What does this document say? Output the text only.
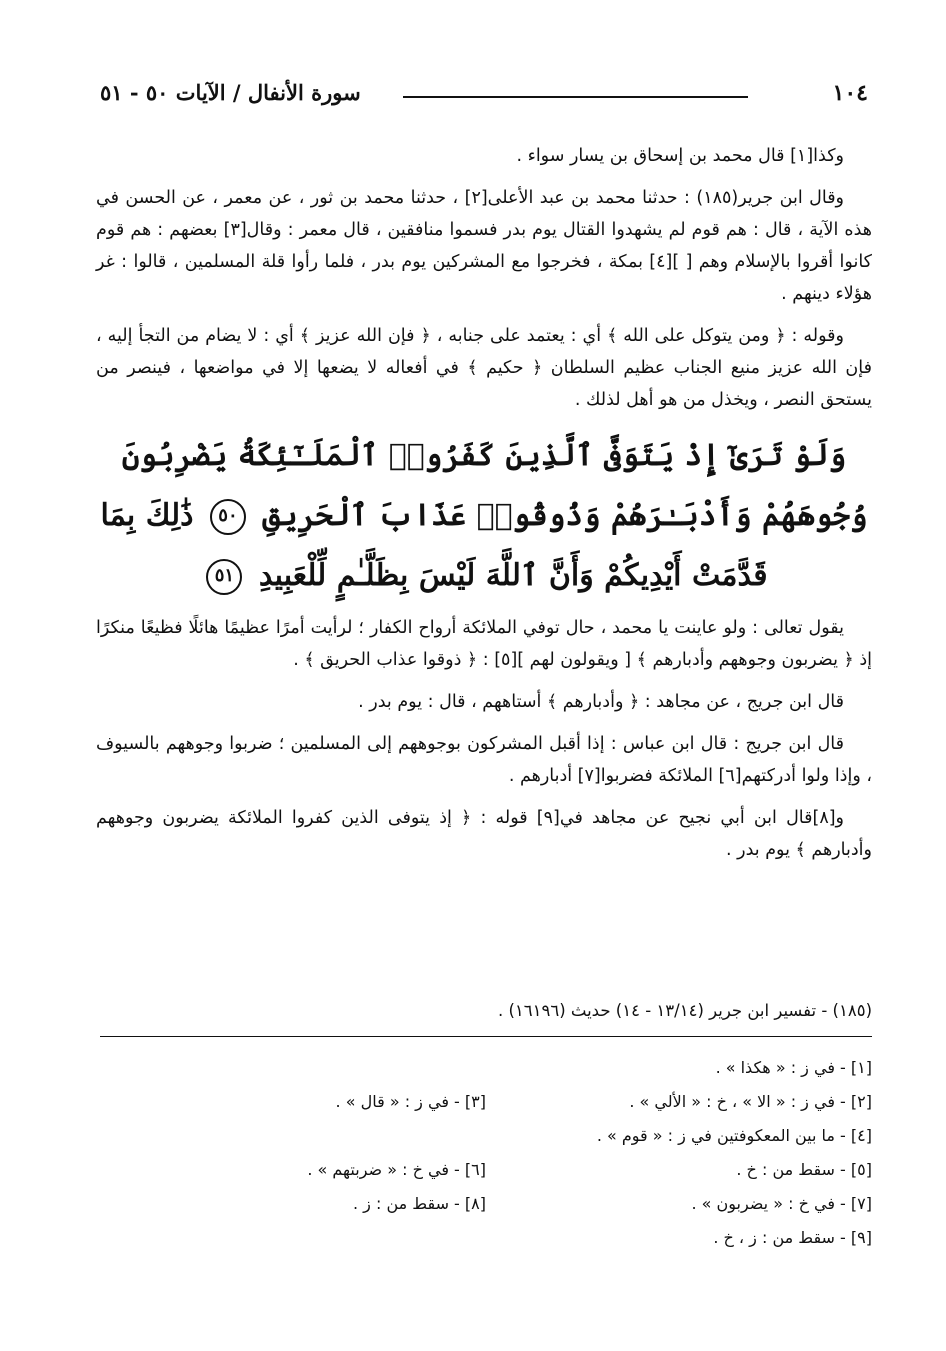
١٠٤
سورة الأنفال / الآيات ٥٠ - ٥١

وكذا[١] قال محمد بن إسحاق بن يسار سواء .

وقال ابن جرير(١٨٥) : حدثنا محمد بن عبد الأعلى[٢] ، حدثنا محمد بن ثور ، عن معمر ، عن الحسن في هذه الآية ، قال : هم قوم لم يشهدوا القتال يوم بدر فسموا منافقين ، قال معمر : وقال[٣] بعضهم : هم قوم كانوا أقروا بالإسلام وهم [ ][٤] بمكة ، فخرجوا مع المشركين يوم بدر ، فلما رأوا قلة المسلمين ، قالوا : غر هؤلاء دينهم .

وقوله : ﴿ ومن يتوكل على الله ﴾ أي : يعتمد على جنابه ، ﴿ فإن الله عزيز ﴾ أي : لا يضام من التجأ إليه ، فإن الله عزيز منيع الجناب عظيم السلطان ﴿ حكيم ﴾ في أفعاله لا يضعها إلا في مواضعها ، فينصر من يستحق النصر ، ويخذل من هو أهل لذلك .

وَلَوْ تَرَىٰٓ إِذْ يَتَوَفَّى ٱلَّذِينَ كَفَرُوا۟ ٱلْمَلَـٰٓئِكَةُ يَضْرِبُونَ وُجُوهَهُمْ وَأَدْبَـٰرَهُمْ وَذُوقُوا۟ عَذَابَ ٱلْحَرِيقِ ٥٠ ذَٰلِكَ بِمَا قَدَّمَتْ أَيْدِيكُمْ وَأَنَّ ٱللَّهَ لَيْسَ بِظَلَّـٰمٍ لِّلْعَبِيدِ ٥١

يقول تعالى : ولو عاينت يا محمد ، حال توفي الملائكة أرواح الكفار ؛ لرأيت أمرًا عظيمًا هائلًا فظيعًا منكرًا إذ ﴿ يضربون وجوههم وأدبارهم ﴾ [ ويقولون لهم ][٥] : ﴿ ذوقوا عذاب الحريق ﴾ .

قال ابن جريج ، عن مجاهد : ﴿ وأدبارهم ﴾ أستاههم ، قال : يوم بدر .

قال ابن جريج : قال ابن عباس : إذا أقبل المشركون بوجوههم إلى المسلمين ؛ ضربوا وجوههم بالسيوف ، وإذا ولوا أدركتهم[٦] الملائكة فضربوا[٧] أدبارهم .

و[٨]قال ابن أبي نجيح عن مجاهد في[٩] قوله : ﴿ إذ يتوفى الذين كفروا الملائكة يضربون وجوههم وأدبارهم ﴾ يوم بدر .

(١٨٥) - تفسير ابن جرير (١٣/١٤ - ١٤) حديث (١٦١٩٦) .
[١] - في ز : « هكذا » .
[٢] - في ز : « الا » ، خ : « الألي » .
[٣] - في ز : « قال » .
[٤] - ما بين المعكوفتين في ز : « قوم » .
[٥] - سقط من : خ .
[٦] - في خ : « ضربتهم » .
[٧] - في خ : « يضربون » .
[٨] - سقط من : ز .
[٩] - سقط من : ز ، خ .
